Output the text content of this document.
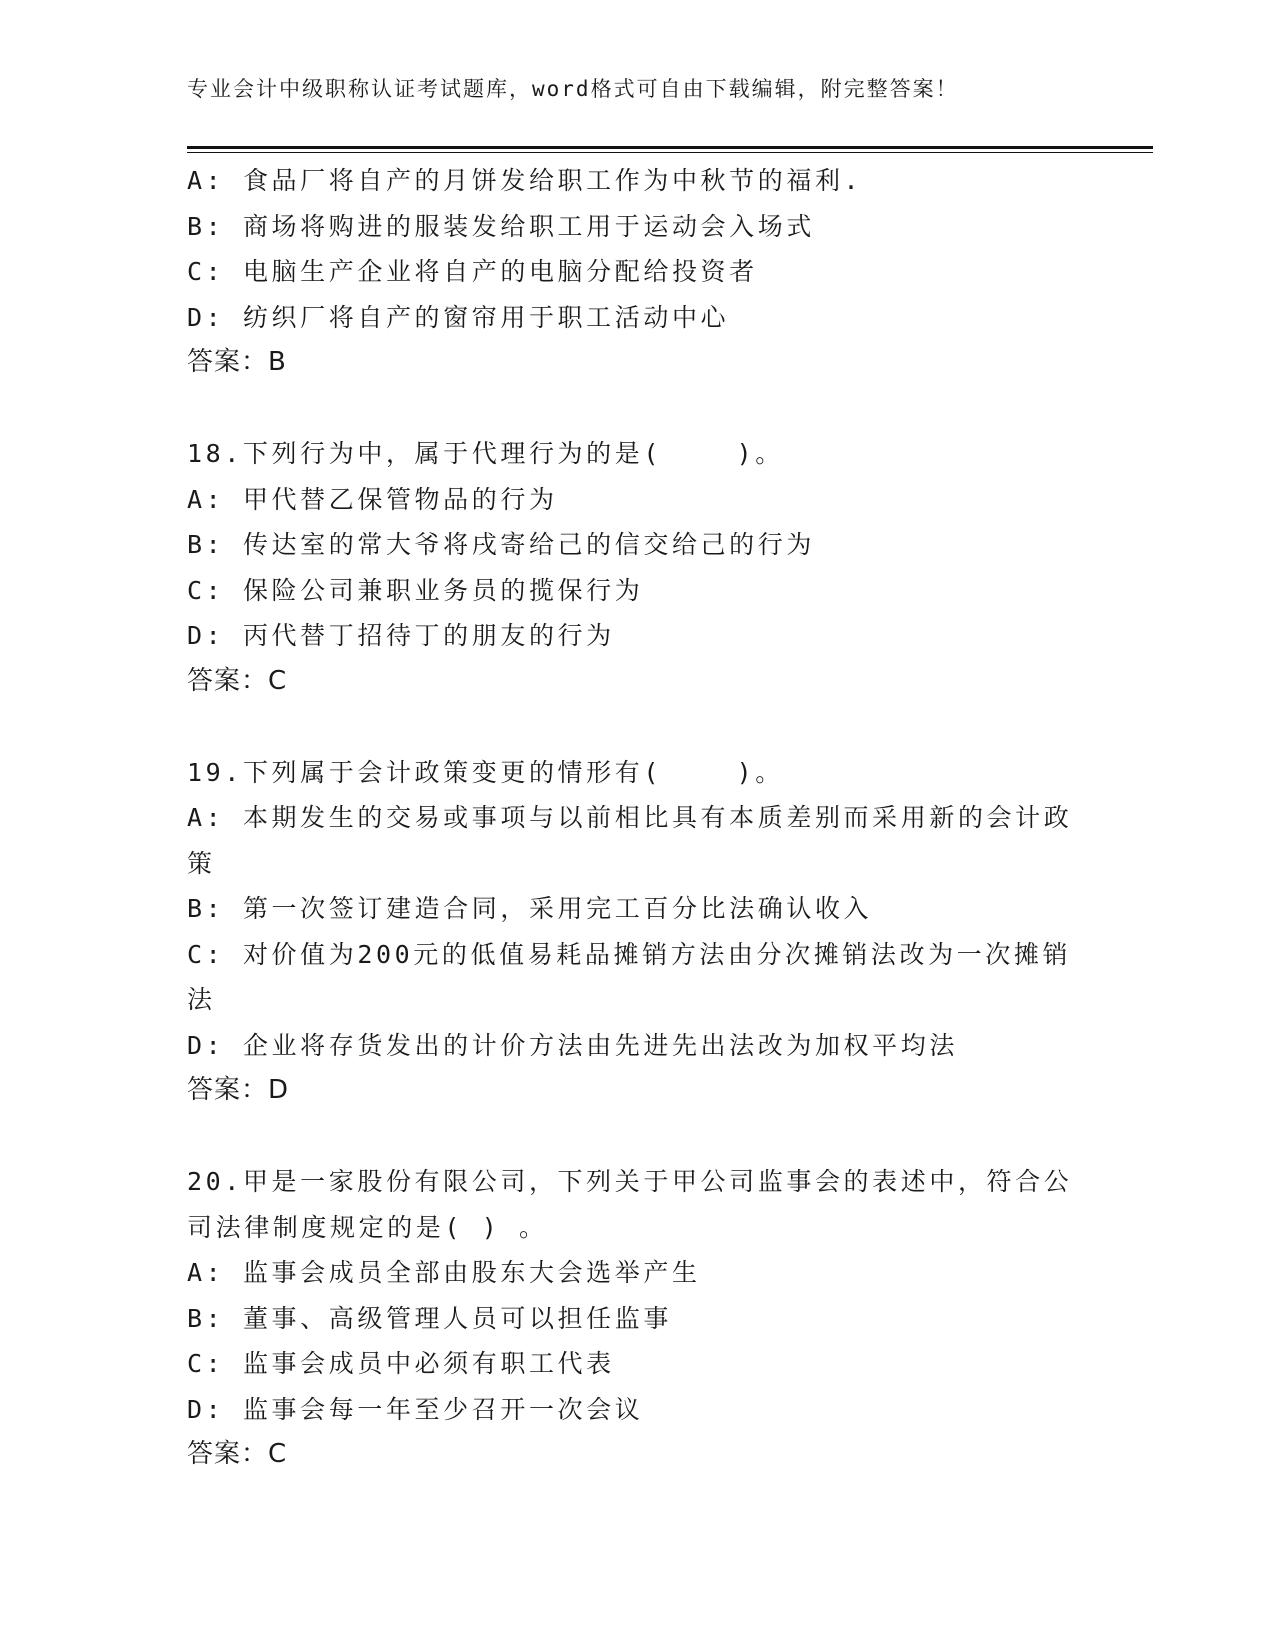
专业会计中级职称认证考试题库，word格式可自由下载编辑，附完整答案！
A: 食品厂将自产的月饼发给职工作为中秋节的福利.
B: 商场将购进的服装发给职工用于运动会入场式
C: 电脑生产企业将自产的电脑分配给投资者
D: 纺织厂将自产的窗帘用于职工活动中心
答案：B
18.下列行为中，属于代理行为的是(    )。
A: 甲代替乙保管物品的行为
B: 传达室的常大爷将戌寄给己的信交给己的行为
C: 保险公司兼职业务员的揽保行为
D: 丙代替丁招待丁的朋友的行为
答案：C
19.下列属于会计政策变更的情形有(    )。
A: 本期发生的交易或事项与以前相比具有本质差别而采用新的会计政
策
B: 第一次签订建造合同，采用完工百分比法确认收入
C: 对价值为200元的低值易耗品摊销方法由分次摊销法改为一次摊销
法
D: 企业将存货发出的计价方法由先进先出法改为加权平均法
答案：D
20.甲是一家股份有限公司，下列关于甲公司监事会的表述中，符合公
司法律制度规定的是( ) 。
A: 监事会成员全部由股东大会选举产生
B: 董事、高级管理人员可以担任监事
C: 监事会成员中必须有职工代表
D: 监事会每一年至少召开一次会议
答案：C
